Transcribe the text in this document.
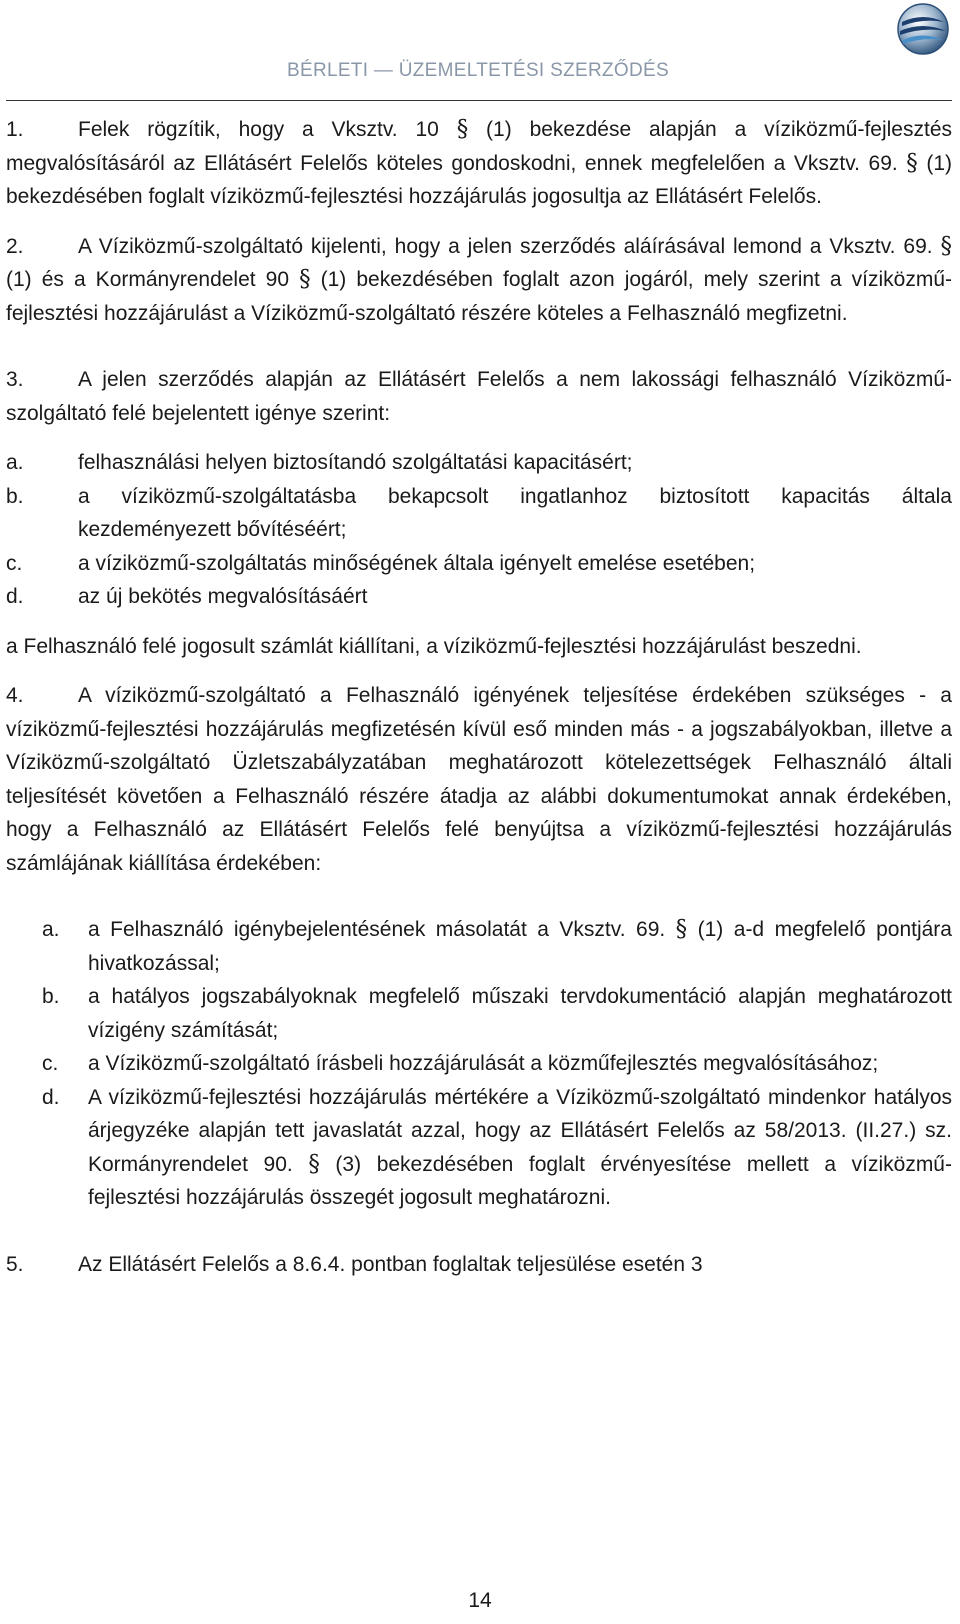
BÉRLETI — ÜZEMELTETÉSI SZERZŐDÉS

1.	Felek rögzítik, hogy a Vksztv. 10 § (1) bekezdése alapján a víziközmű-fejlesztés megvalósításáról az Ellátásért Felelős köteles gondoskodni, ennek megfelelően a Vksztv. 69. § (1) bekezdésében foglalt víziközmű-fejlesztési hozzájárulás jogosultja az Ellátásért Felelős.

2.	A Víziközmű-szolgáltató kijelenti, hogy a jelen szerződés aláírásával lemond a Vksztv. 69. § (1) és a Kormányrendelet 90 § (1) bekezdésében foglalt azon jogáról, mely szerint a víziközmű-fejlesztési hozzájárulást a Víziközmű-szolgáltató részére köteles a Felhasználó megfizetni.

3.	A jelen szerződés alapján az Ellátásért Felelős a nem lakossági felhasználó Víziközmű-szolgáltató felé bejelentett igénye szerint:

a.	felhasználási helyen biztosítandó szolgáltatási kapacitásért;
b.	a víziközmű-szolgáltatásba bekapcsolt ingatlanhoz biztosított kapacitás általa kezdeményezett bővítéséért;
c.	a víziközmű-szolgáltatás minőségének általa igényelt emelése esetében;
d.	az új bekötés megvalósításáért

a Felhasználó felé jogosult számlát kiállítani, a víziközmű-fejlesztési hozzájárulást beszedni.

4.	A víziközmű-szolgáltató a Felhasználó igényének teljesítése érdekében szükséges - a víziközmű-fejlesztési hozzájárulás megfizetésén kívül eső minden más - a jogszabályokban, illetve a Víziközmű-szolgáltató Üzletszabályzatában meghatározott kötelezettségek Felhasználó általi teljesítését követően a Felhasználó részére átadja az alábbi dokumentumokat annak érdekében, hogy a Felhasználó az Ellátásért Felelős felé benyújtsa a víziközmű-fejlesztési hozzájárulás számlájának kiállítása érdekében:

a.	a Felhasználó igénybejelentésének másolatát a Vksztv. 69. § (1) a-d megfelelő pontjára hivatkozással;
b.	a hatályos jogszabályoknak megfelelő műszaki tervdokumentáció alapján meghatározott vízigény számítását;
c.	a Víziközmű-szolgáltató írásbeli hozzájárulását a közműfejlesztés megvalósításához;
d.	A víziközmű-fejlesztési hozzájárulás mértékére a Víziközmű-szolgáltató mindenkor hatályos árjegyzéke alapján tett javaslatát azzal, hogy az Ellátásért Felelős az 58/2013. (II.27.) sz. Kormányrendelet 90. § (3) bekezdésében foglalt érvényesítése mellett a víziközmű-fejlesztési hozzájárulás összegét jogosult meghatározni.

5.	Az Ellátásért Felelős a 8.6.4. pontban foglaltak teljesülése esetén 3

14
